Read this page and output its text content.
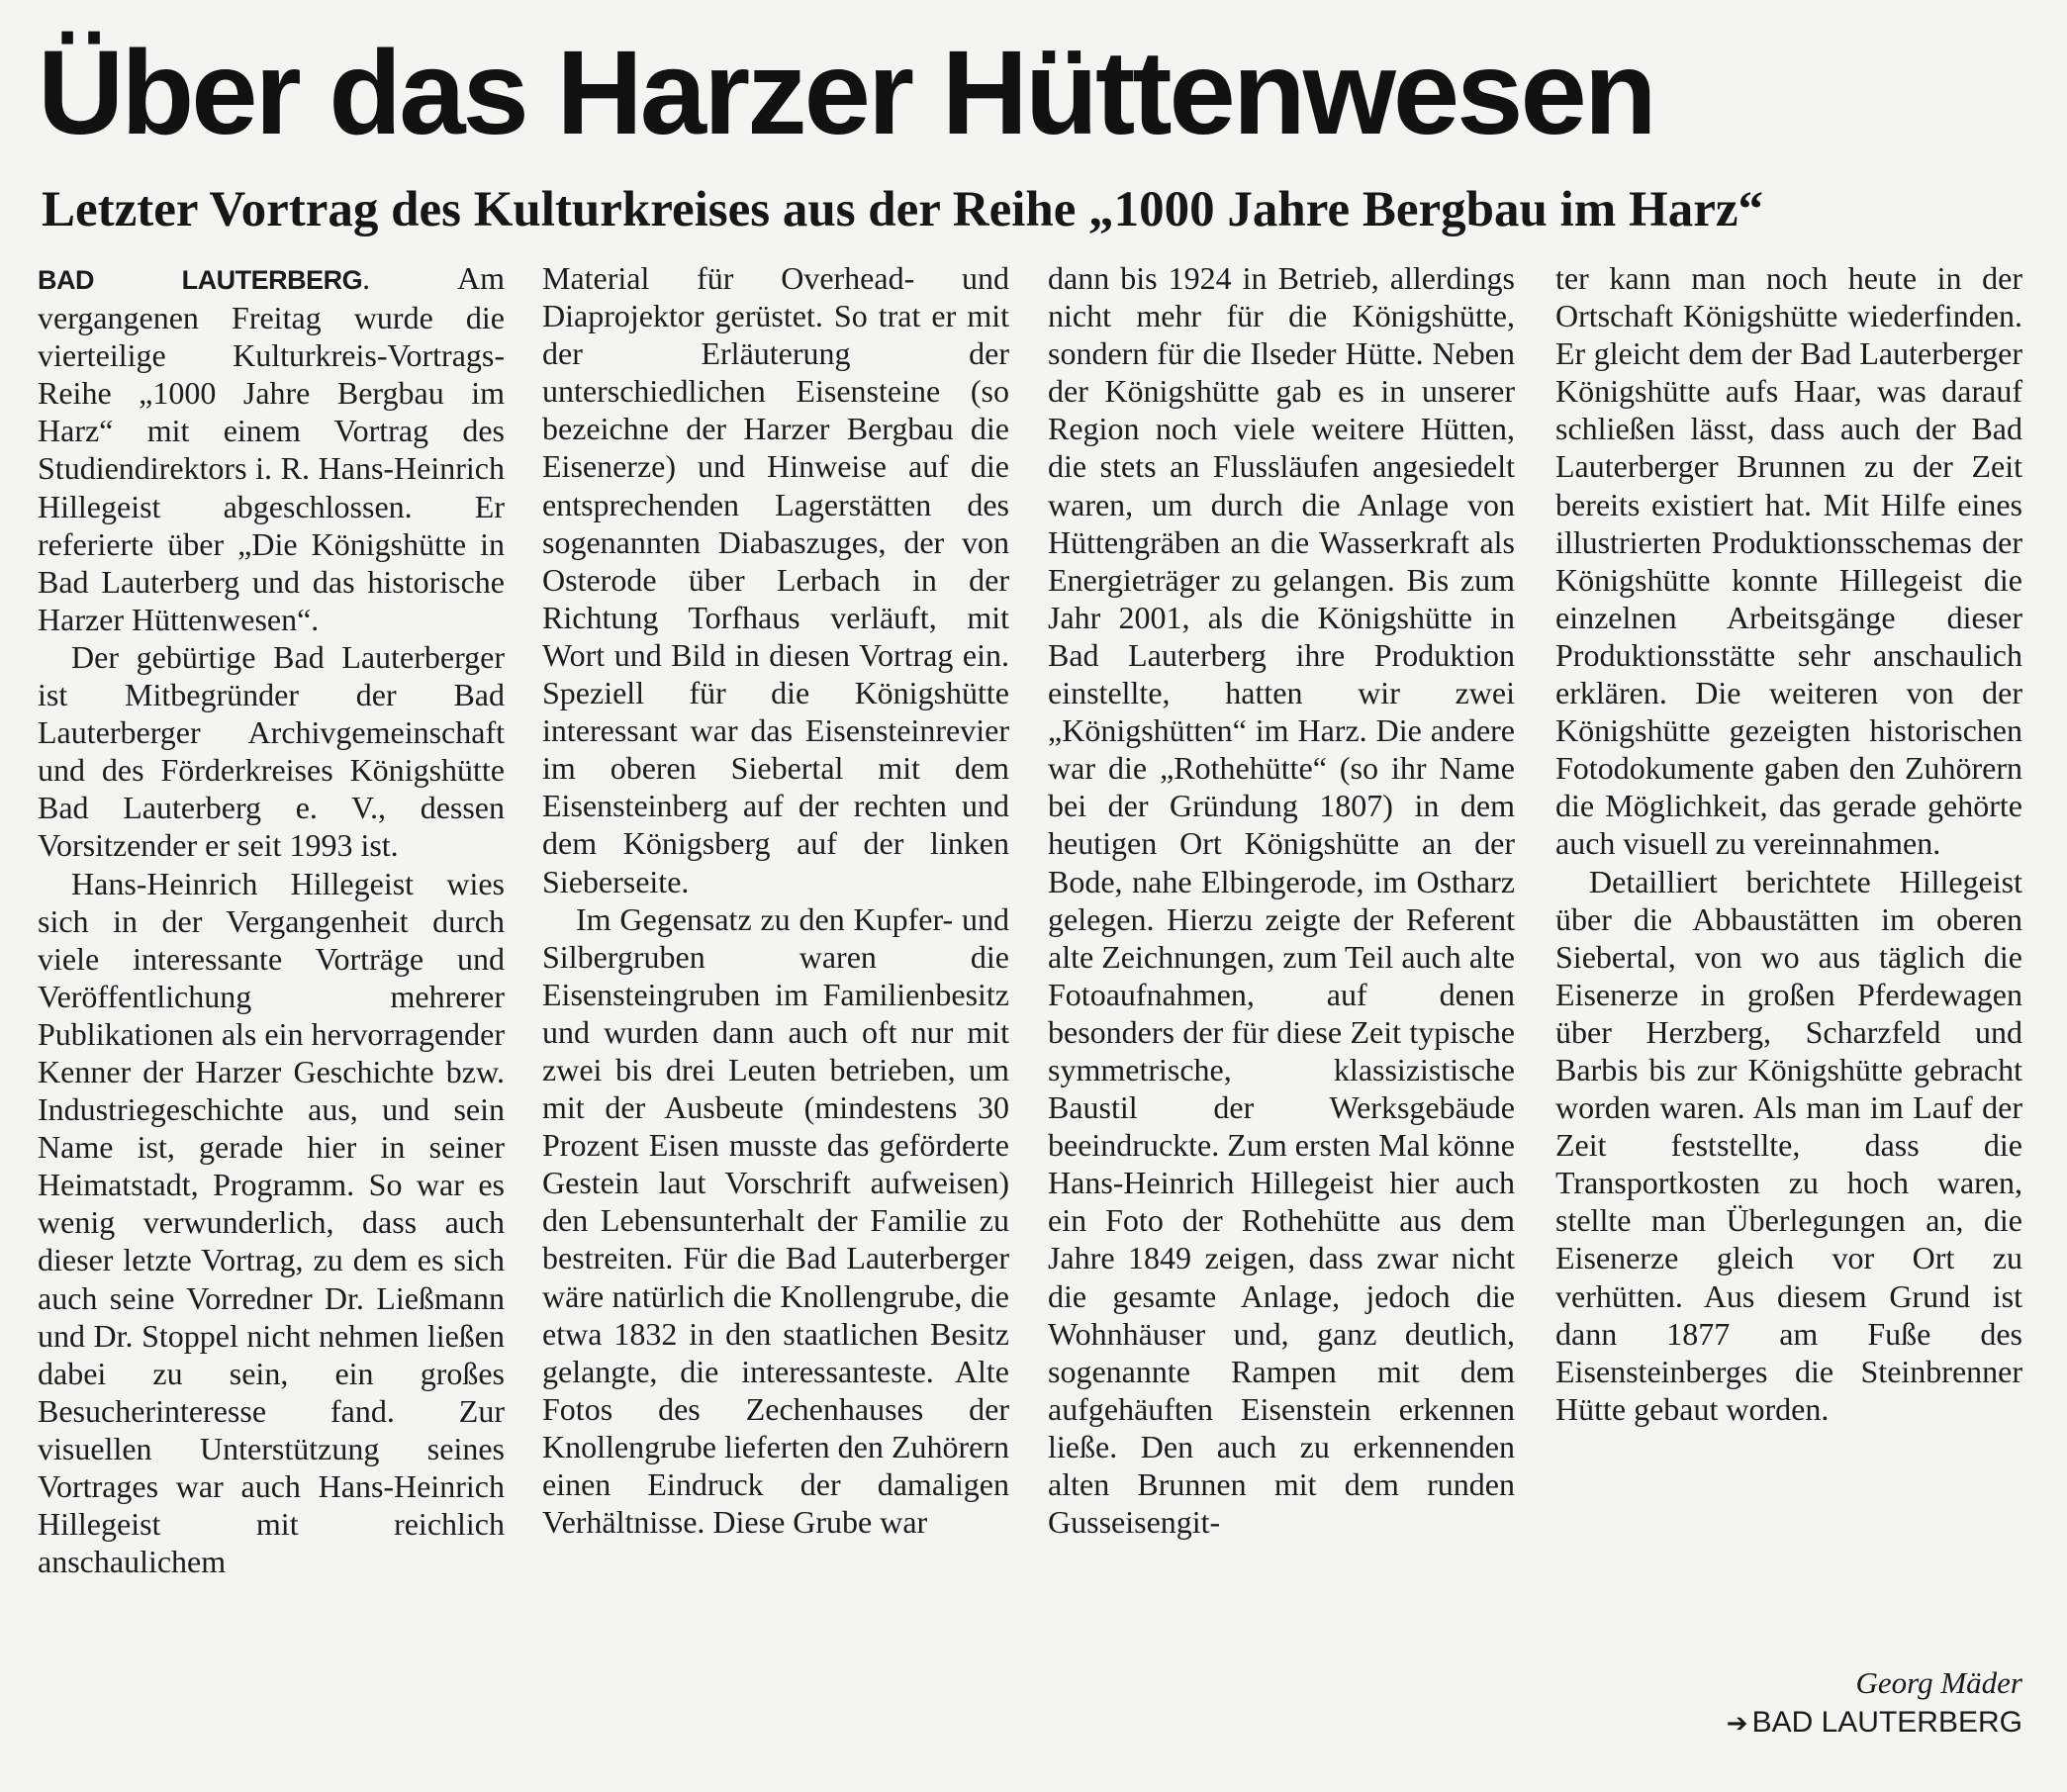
Über das Harzer Hüttenwesen
Letzter Vortrag des Kulturkreises aus der Reihe „1000 Jahre Bergbau im Harz“

BAD LAUTERBERG. Am vergangenen Freitag wurde die vierteilige Kulturkreis-Vortrags-Reihe „1000 Jahre Bergbau im Harz“ mit einem Vortrag des Studiendirektors i. R. Hans-Heinrich Hillegeist abgeschlossen. Er referierte über „Die Königshütte in Bad Lauterberg und das historische Harzer Hüttenwesen“.

Der gebürtige Bad Lauterberger ist Mitbegründer der Bad Lauterberger Archivgemeinschaft und des Förderkreises Königshütte Bad Lauterberg e. V., dessen Vorsitzender er seit 1993 ist.

Hans-Heinrich Hillegeist wies sich in der Vergangenheit durch viele interessante Vorträge und Veröffentlichung mehrerer Publikationen als ein hervorragender Kenner der Harzer Geschichte bzw. Industriegeschichte aus, und sein Name ist, gerade hier in seiner Heimatstadt, Programm. So war es wenig verwunderlich, dass auch dieser letzte Vortrag, zu dem es sich auch seine Vorredner Dr. Ließmann und Dr. Stoppel nicht nehmen ließen dabei zu sein, ein großes Besucherinteresse fand. Zur visuellen Unterstützung seines Vortrages war auch Hans-Heinrich Hillegeist mit reichlich anschaulichem

Material für Overhead- und Diaprojektor gerüstet. So trat er mit der Erläuterung der unterschiedlichen Eisensteine (so bezeichne der Harzer Bergbau die Eisenerze) und Hinweise auf die entsprechenden Lagerstätten des sogenannten Diabaszuges, der von Osterode über Lerbach in der Richtung Torfhaus verläuft, mit Wort und Bild in diesen Vortrag ein. Speziell für die Königshütte interessant war das Eisensteinrevier im oberen Siebertal mit dem Eisensteinberg auf der rechten und dem Königsberg auf der linken Sieberseite.

Im Gegensatz zu den Kupfer- und Silbergruben waren die Eisensteingruben im Familienbesitz und wurden dann auch oft nur mit zwei bis drei Leuten betrieben, um mit der Ausbeute (mindestens 30 Prozent Eisen musste das geförderte Gestein laut Vorschrift aufweisen) den Lebensunterhalt der Familie zu bestreiten. Für die Bad Lauterberger wäre natürlich die Knollengrube, die etwa 1832 in den staatlichen Besitz gelangte, die interessanteste. Alte Fotos des Zechenhauses der Knollengrube lieferten den Zuhörern einen Eindruck der damaligen Verhältnisse. Diese Grube war

dann bis 1924 in Betrieb, allerdings nicht mehr für die Königshütte, sondern für die Ilseder Hütte. Neben der Königshütte gab es in unserer Region noch viele weitere Hütten, die stets an Flussläufen angesiedelt waren, um durch die Anlage von Hüttengräben an die Wasserkraft als Energieträger zu gelangen. Bis zum Jahr 2001, als die Königshütte in Bad Lauterberg ihre Produktion einstellte, hatten wir zwei „Königshütten“ im Harz. Die andere war die „Rothehütte“ (so ihr Name bei der Gründung 1807) in dem heutigen Ort Königshütte an der Bode, nahe Elbingerode, im Ostharz gelegen. Hierzu zeigte der Referent alte Zeichnungen, zum Teil auch alte Fotoaufnahmen, auf denen besonders der für diese Zeit typische symmetrische, klassizistische Baustil der Werksgebäude beeindruckte. Zum ersten Mal könne Hans-Heinrich Hillegeist hier auch ein Foto der Rothehütte aus dem Jahre 1849 zeigen, dass zwar nicht die gesamte Anlage, jedoch die Wohnhäuser und, ganz deutlich, sogenannte Rampen mit dem aufgehäuften Eisenstein erkennen ließe. Den auch zu erkennenden alten Brunnen mit dem runden Gusseisengit-

ter kann man noch heute in der Ortschaft Königshütte wiederfinden. Er gleicht dem der Bad Lauterberger Königshütte aufs Haar, was darauf schließen lässt, dass auch der Bad Lauterberger Brunnen zu der Zeit bereits existiert hat. Mit Hilfe eines illustrierten Produktionsschemas der Königshütte konnte Hillegeist die einzelnen Arbeitsgänge dieser Produktionsstätte sehr anschaulich erklären. Die weiteren von der Königshütte gezeigten historischen Fotodokumente gaben den Zuhörern die Möglichkeit, das gerade gehörte auch visuell zu vereinnahmen.

Detailliert berichtete Hillegeist über die Abbaustätten im oberen Siebertal, von wo aus täglich die Eisenerze in großen Pferdewagen über Herzberg, Scharzfeld und Barbis bis zur Königshütte gebracht worden waren. Als man im Lauf der Zeit feststellte, dass die Transportkosten zu hoch waren, stellte man Überlegungen an, die Eisenerze gleich vor Ort zu verhütten. Aus diesem Grund ist dann 1877 am Fuße des Eisensteinberges die Steinbrenner Hütte gebaut worden.

Georg Mäder
➔ BAD LAUTERBERG
